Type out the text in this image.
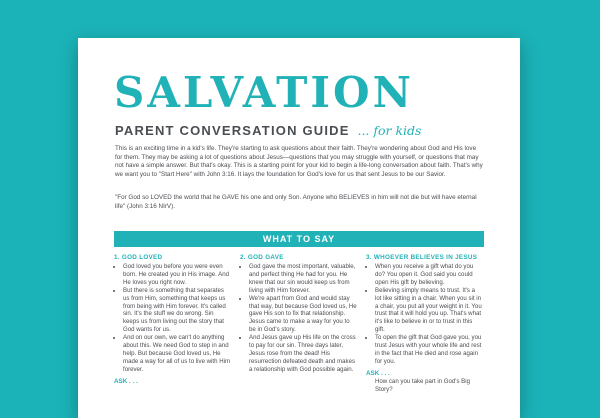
SALVATION
PARENT CONVERSATION GUIDE ... for kids

This is an exciting time in a kid's life. They're starting to ask questions about their faith. They're wondering about God and His love for them. They may be asking a lot of questions about Jesus—questions that you may struggle with yourself, or questions that may not have a simple answer. But that's okay. This is a starting point for your kid to begin a life-long conversation about faith. That's why we want you to "Start Here" with John 3:16. It lays the foundation for God's love for us that sent Jesus to be our Savior.

"For God so LOVED the world that he GAVE his one and only Son. Anyone who BELIEVES in him will not die but will have eternal life" (John 3:16 NIrV).

WHAT TO SAY

1. GOD LOVED

• God loved you before you were even born. He created you in His image. And He loves you right now.
• But there is something that separates us from Him, something that keeps us from being with Him forever. It's called sin. It's the stuff we do wrong. Sin keeps us from living out the story that God wants for us.
• And on our own, we can't do anything about this. We need God to step in and help. But because God loved us, He made a way for all of us to live with Him forever.

ASK . . .

2. GOD GAVE

• God gave the most important, valuable, and perfect thing He had for you. He knew that our sin would keep us from living with Him forever.
• We're apart from God and would stay that way, but because God loved us, He gave His son to fix that relationship. Jesus came to make a way for you to be in God's story.
• And Jesus gave up His life on the cross to pay for our sin. Three days later, Jesus rose from the dead! His resurrection defeated death and makes a relationship with God possible again.

3. WHOEVER BELIEVES IN JESUS

• When you receive a gift what do you do? You open it. God said you could open His gift by believing.
• Believing simply means to trust. It's a lot like sitting in a chair. When you sit in a chair, you put all your weight in it. You trust that it will hold you up. That's what it's like to believe in or to trust in this gift.
• To open the gift that God gave you, you trust Jesus with your whole life and rest in the fact that He died and rose again for you.

ASK . . .

How can you take part in God's Big Story?
